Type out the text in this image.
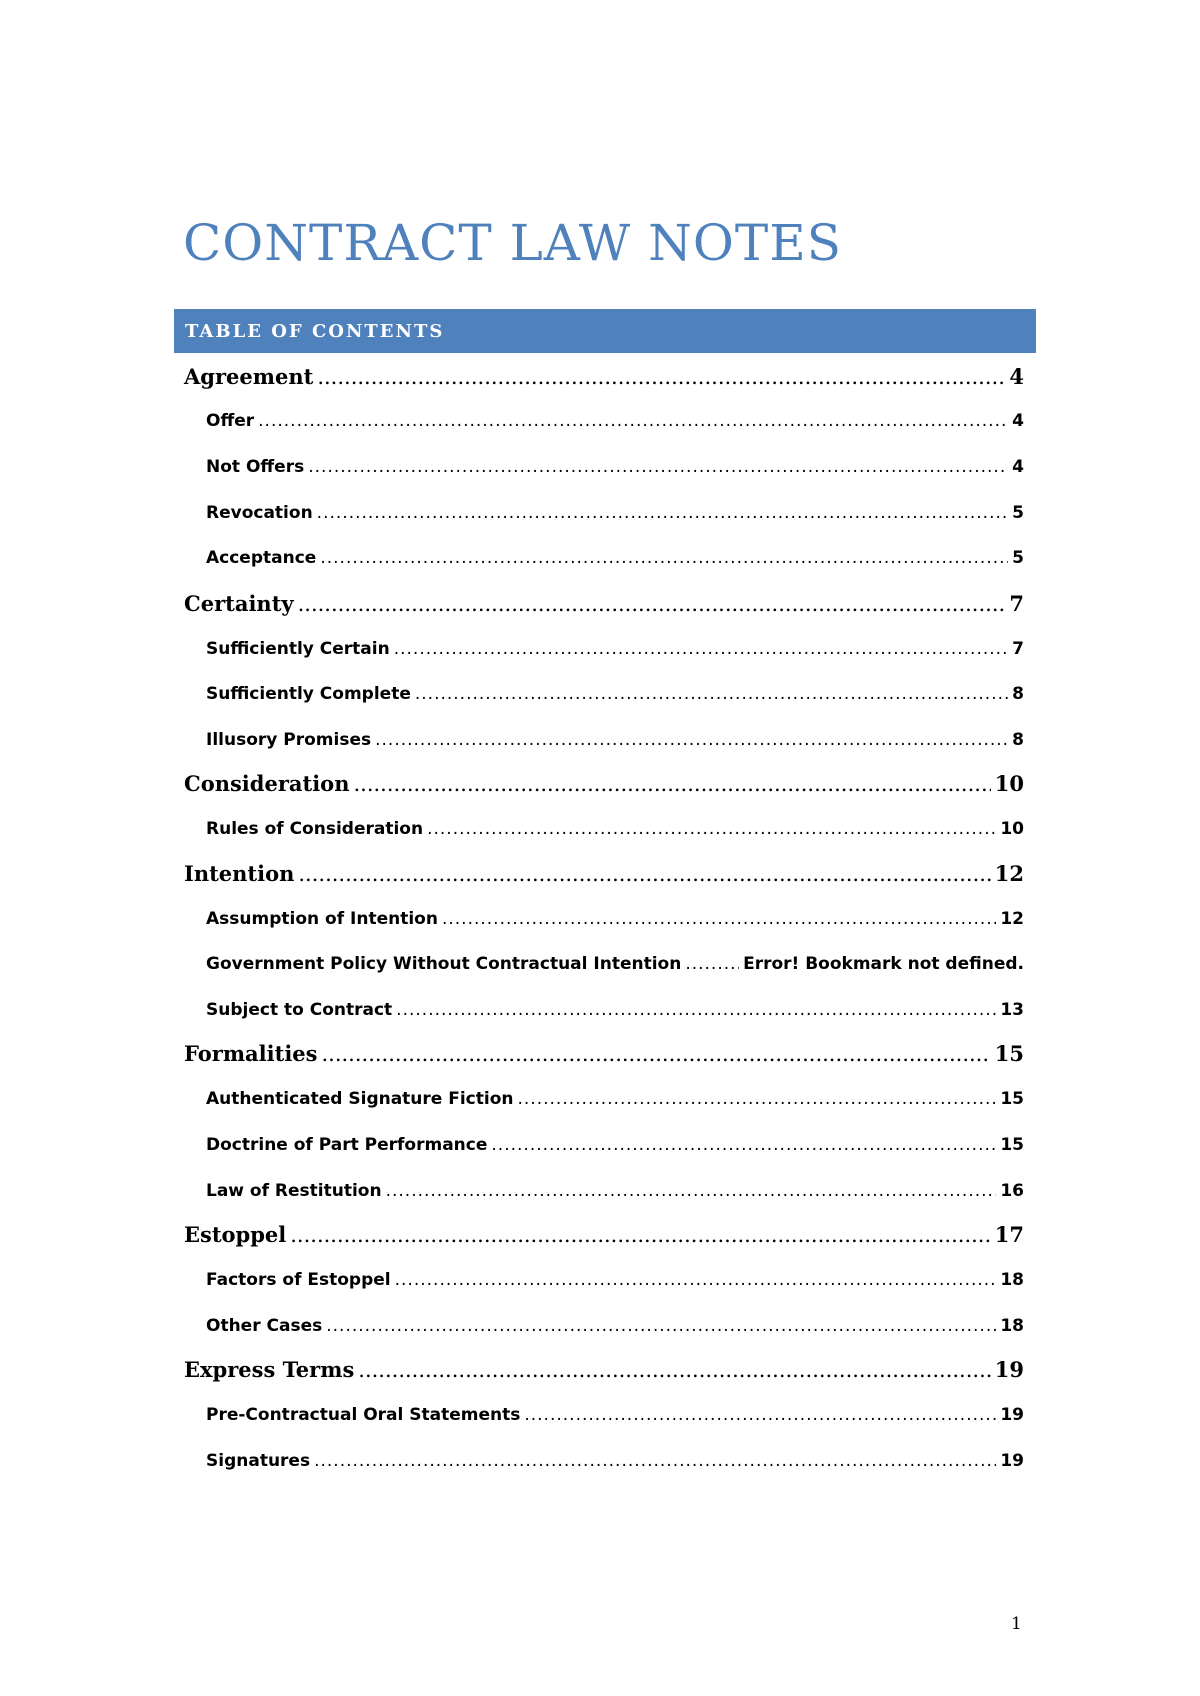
CONTRACT LAW NOTES
TABLE OF CONTENTS
Agreement .....	4
Offer .....	4
Not Offers .....	4
Revocation .....	5
Acceptance .....	5
Certainty .....	7
Sufficiently Certain .....	7
Sufficiently Complete .....	8
Illusory Promises .....	8
Consideration .....	10
Rules of Consideration .....	10
Intention .....	12
Assumption of Intention .....	12
Government Policy Without Contractual Intention .....	Error! Bookmark not defined.
Subject to Contract .....	13
Formalities .....	15
Authenticated Signature Fiction .....	15
Doctrine of Part Performance .....	15
Law of Restitution .....	16
Estoppel .....	17
Factors of Estoppel .....	18
Other Cases .....	18
Express Terms .....	19
Pre-Contractual Oral Statements .....	19
Signatures .....	19
1
